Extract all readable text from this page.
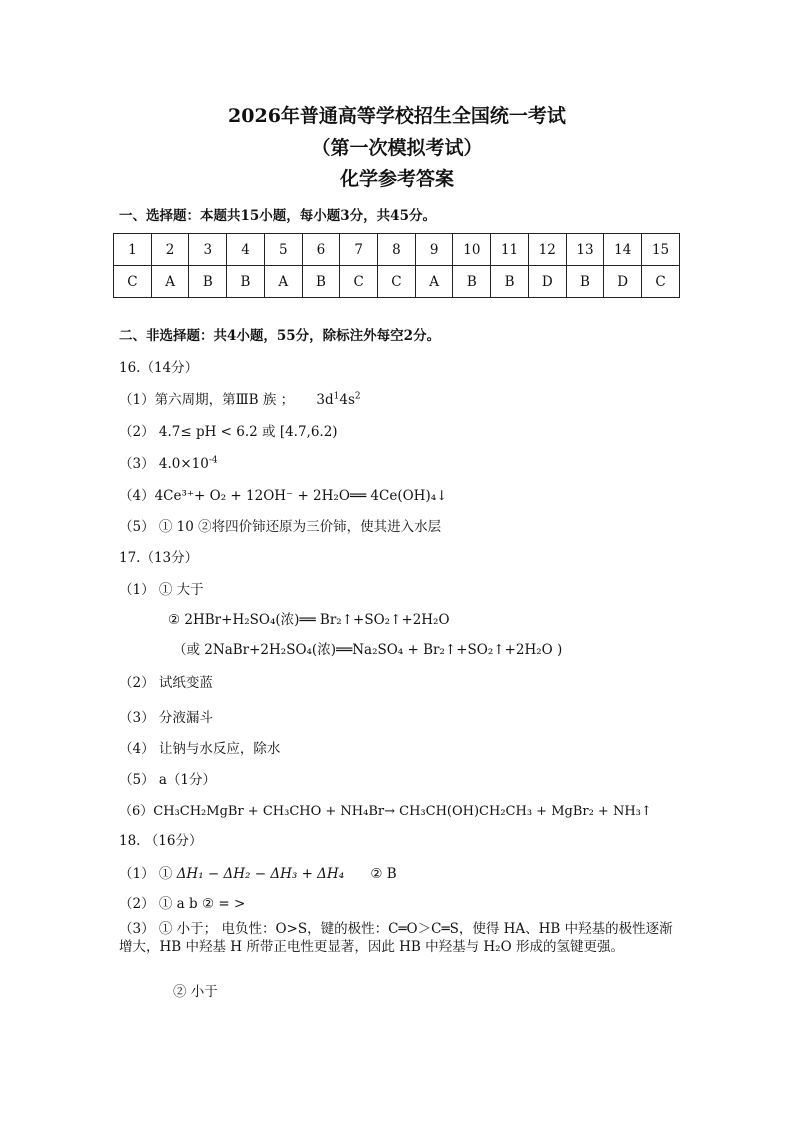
2026年普通高等学校招生全国统一考试
（第一次模拟考试）
化学参考答案
一、选择题：本题共15小题，每小题3分，共45分。
1	2	3	4	5	6	7	8	9	10	11	12	13	14	15
C	A	B	B	A	B	C	C	A	B	B	D	B	D	C
二、非选择题：共4小题，55分，除标注外每空2分。
16.（14分）
（1）第六周期，第ⅢB 族 ； $3d^14s^2$
（2） 4.7≤ pH < 6.2 或 [4.7,6.2)
（3） $4.0\times 10^{-4}$
（4）4Ce³⁺+ O₂ + 12OH⁻ + 2H₂O══ 4Ce(OH)₄↓
（5） ① 10 ②将四价铈还原为三价铈，使其进入水层
17.（13分）
（1） ① 大于
② 2HBr+H₂SO₄(浓)══ Br₂↑+SO₂↑+2H₂O
（或 2NaBr+2H₂SO₄(浓)══Na₂SO₄ + Br₂↑+SO₂↑+2H₂O )
（2） 试纸变蓝
（3） 分液漏斗
（4） 让钠与水反应，除水
（5） a（1分）
（6）CH₃CH₂MgBr + CH₃CHO + NH₄Br→ CH₃CH(OH)CH₂CH₃ + MgBr₂ + NH₃↑
18. （16分）
（1） ① ΔH₁ − ΔH₂ − ΔH₃ + ΔH₄ ② B
（2） ① a b ② = >
（3） ① 小于； 电负性：O>S，键的极性：C═O＞C═S，使得 HA、HB 中羟基的极性逐渐增大，HB 中羟基 H 所带正电性更显著，因此 HB 中羟基与 H₂O 形成的氢键更强。
② 小于
